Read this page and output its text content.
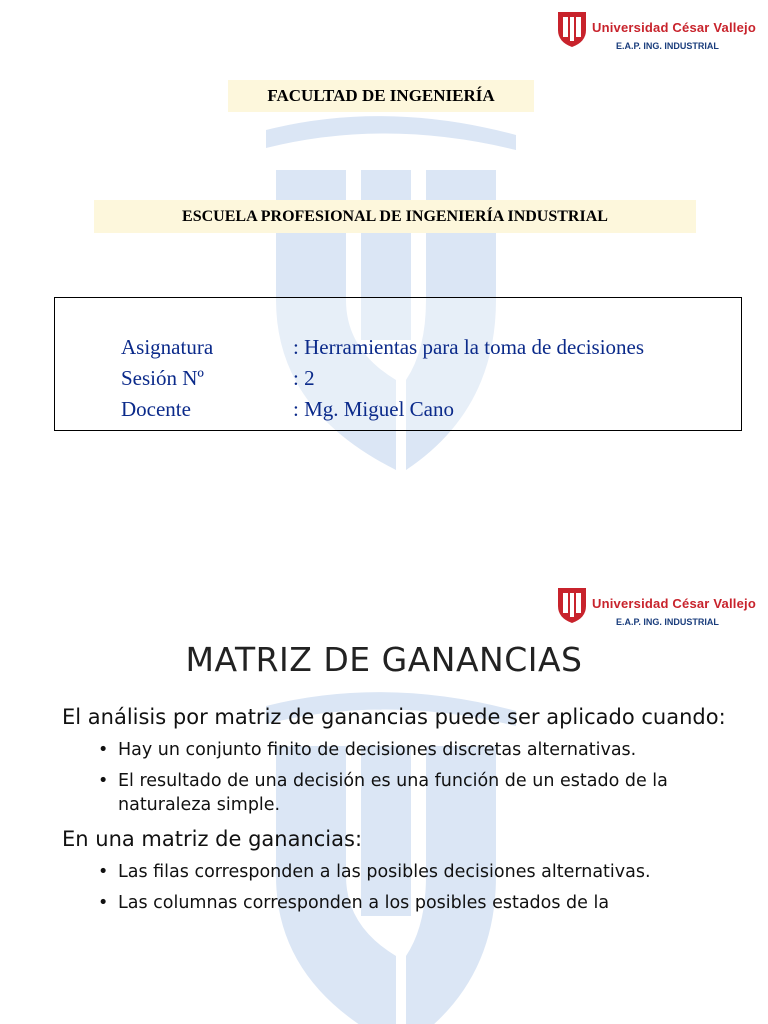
Universidad César Vallejo
E.A.P. ING. INDUSTRIAL
FACULTAD DE INGENIERÍA
ESCUELA PROFESIONAL DE INGENIERÍA INDUSTRIAL
Asignatura	: Herramientas para la toma de decisiones
Sesión Nº	: 2
Docente	: Mg. Miguel Cano
Universidad César Vallejo
E.A.P. ING. INDUSTRIAL
MATRIZ DE GANANCIAS

El análisis por matriz de ganancias puede ser aplicado cuando:

• Hay un conjunto finito de decisiones discretas alternativas.
• El resultado de una decisión es una función de un estado de la naturaleza simple.

En una matriz de ganancias:

• Las filas corresponden a las posibles decisiones alternativas.
• Las columnas corresponden a los posibles estados de la
